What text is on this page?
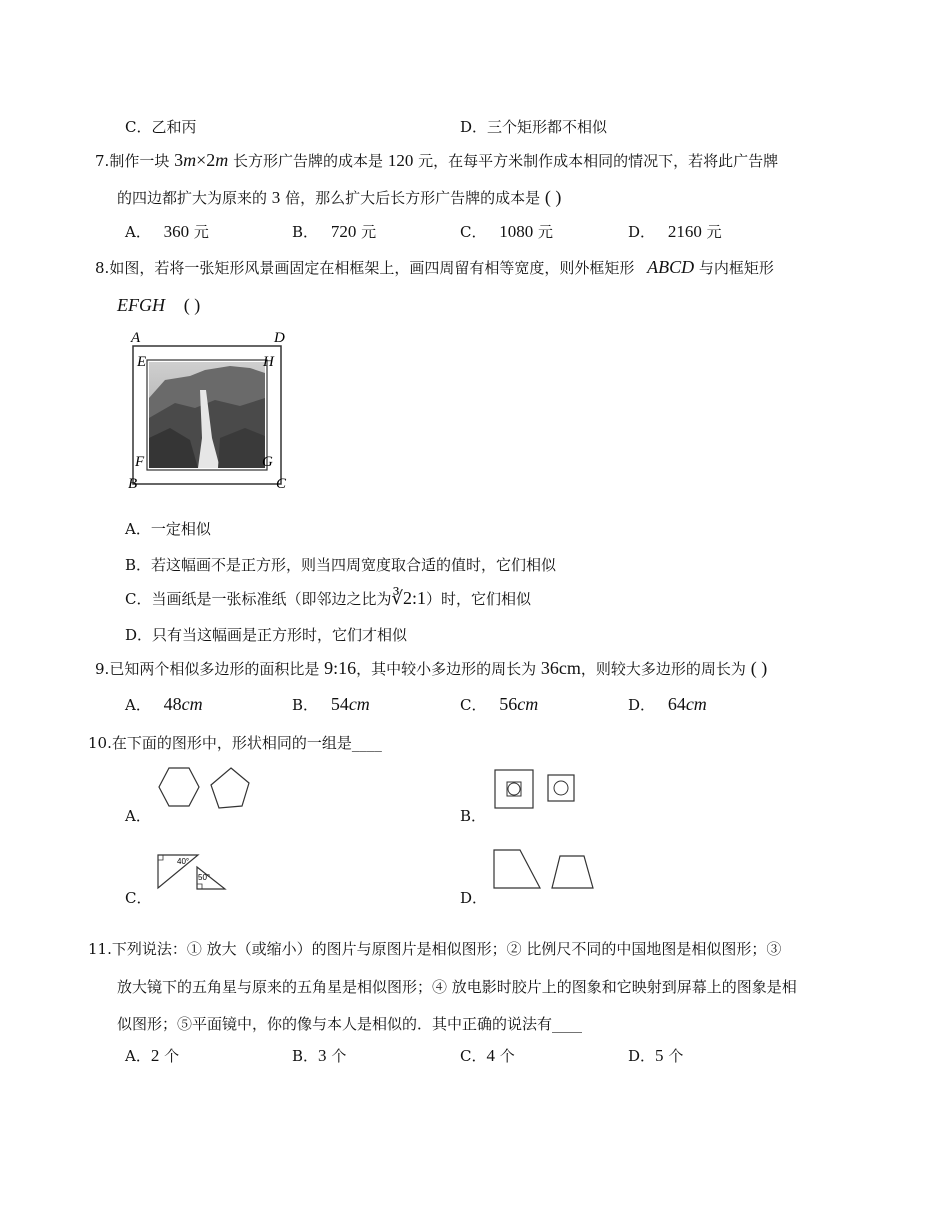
C．乙和丙	D．三个矩形都不相似
7.制作一块 3m×2m 长方形广告牌的成本是 120 元，在每平方米制作成本相同的情况下，若将此广告牌
的四边都扩大为原来的 3 倍，那么扩大后长方形广告牌的成本是 ( )
A． 360 元	B． 720 元	C． 1080 元	D． 2160 元
8.如图，若将一张矩形风景画固定在相框架上，画四周留有相等宽度，则外框矩形 ABCD 与内框矩形
EFGH ( )
A	D
E	H
F	G
B	C
A．一定相似
B．若这幅画不是正方形，则当四周宽度取合适的值时，它们相似
C．当画纸是一张标准纸（即邻边之比为∛2:1）时，它们相似
D．只有当这幅画是正方形时，它们才相似
9.已知两个相似多边形的面积比是 9:16，其中较小多边形的周长为 36cm，则较大多边形的周长为 ( )
A． 48cm	B． 54cm	C． 56cm	D． 64cm
10.在下面的图形中，形状相同的一组是____
A．	B．
C．
40°
50°
D．
11.下列说法：① 放大（或缩小）的图片与原图片是相似图形；② 比例尺不同的中国地图是相似图形；③
放大镜下的五角星与原来的五角星是相似图形；④ 放电影时胶片上的图象和它映射到屏幕上的图象是相
似图形；⑤平面镜中，你的像与本人是相似的．其中正确的说法有____
A．2 个	B．3 个	C．4 个	D．5 个
